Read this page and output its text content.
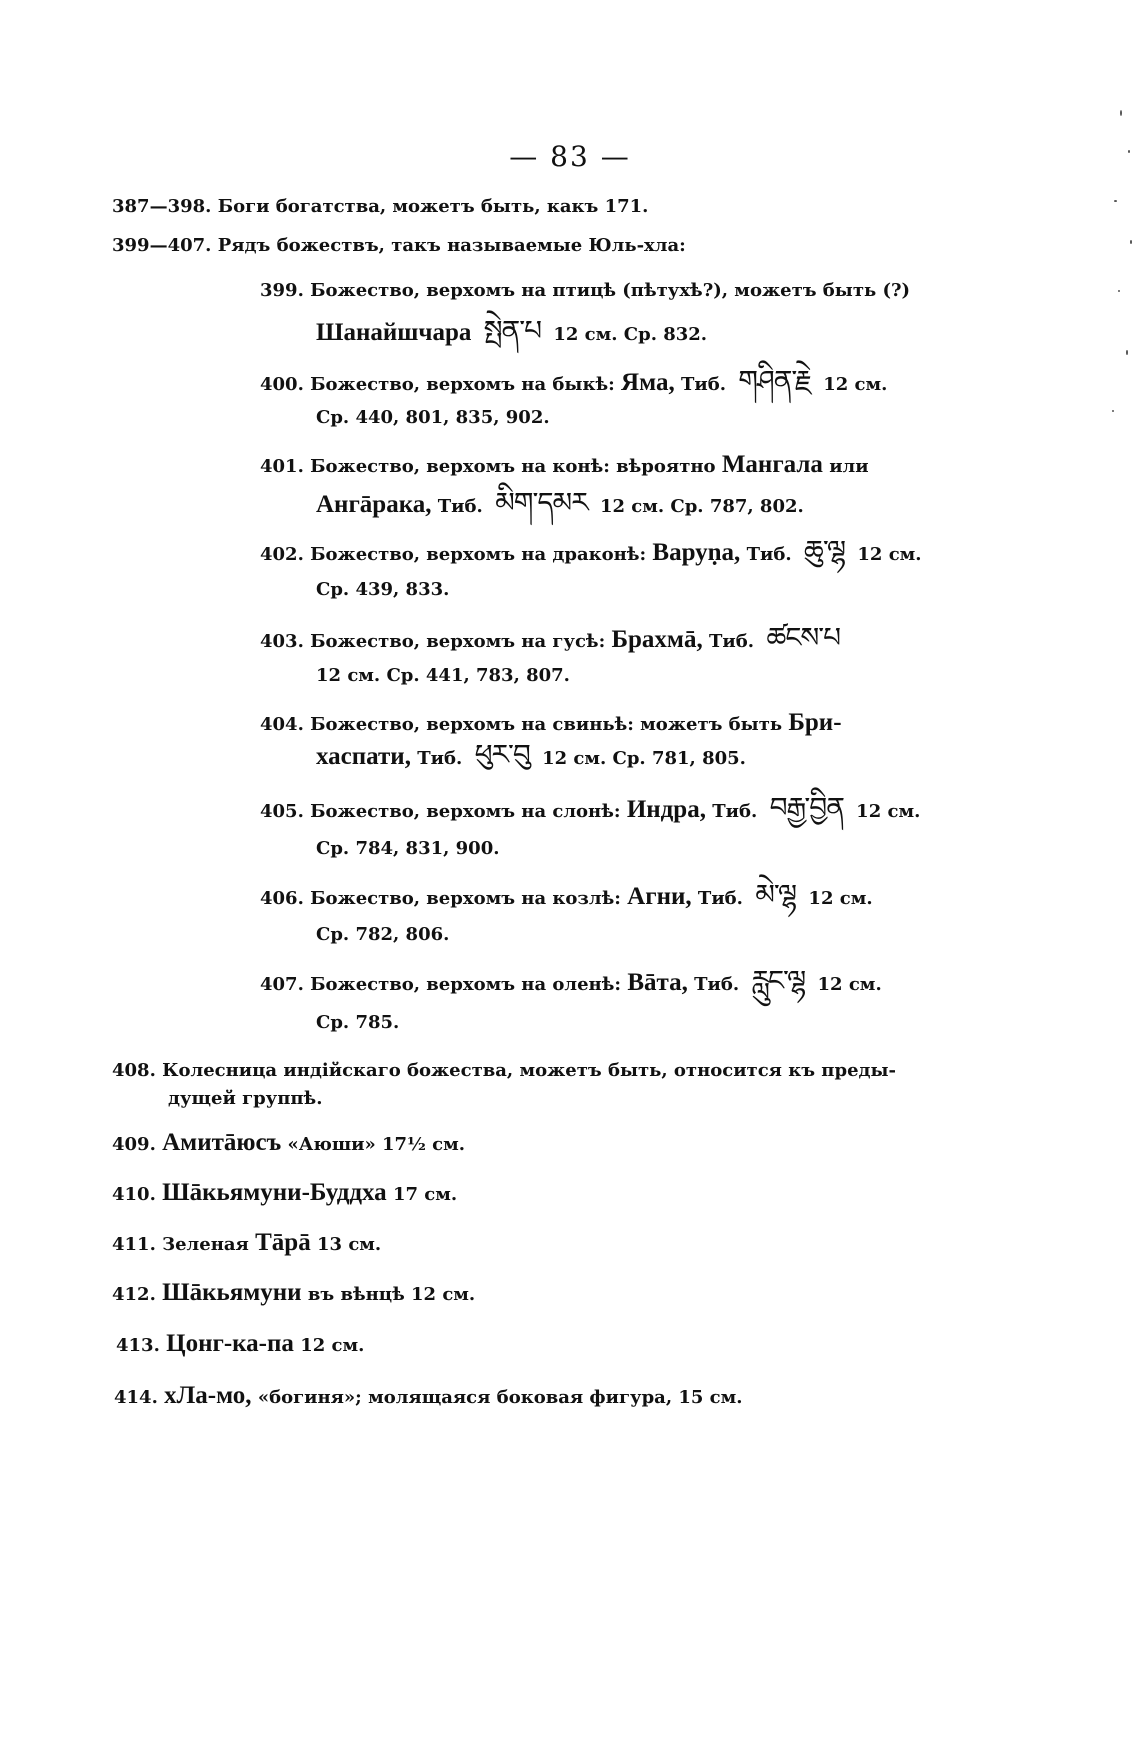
— 83 —
387—398. Боги богатства, можетъ быть, какъ 171.
399—407. Рядъ божествъ, такъ называемые Юль-хла:
399. Божество, верхомъ на птицѣ (пѣтухѣ?), можетъ быть (?)
Шанайшчара སྤེན་པ 12 см. Ср. 832.
400. Божество, верхомъ на быкѣ: Яма, Тиб. གཤིན་རྗེ 12 см.
Ср. 440, 801, 835, 902.
401. Божество, верхомъ на конѣ: вѣроятно Мангала или
Ангāрака, Тиб. མིག་དམར 12 см. Ср. 787, 802.
402. Божество, верхомъ на драконѣ: Варуṇа, Тиб. ཆུ་ལྷ 12 см.
Ср. 439, 833.
403. Божество, верхомъ на гусѣ: Брахмā, Тиб. ཚངས་པ
12 см. Ср. 441, 783, 807.
404. Божество, верхомъ на свиньѣ: можетъ быть Бри-
хаспати, Тиб. ཕུར་བུ 12 см. Ср. 781, 805.
405. Божество, верхомъ на слонѣ: Индра, Тиб. བརྒྱ་བྱིན 12 см.
Ср. 784, 831, 900.
406. Божество, верхомъ на козлѣ: Агни, Тиб. མེ་ལྷ 12 см.
Ср. 782, 806.
407. Божество, верхомъ на оленѣ: Вāта, Тиб. རླུང་ལྷ 12 см.
Ср. 785.
408. Колесница индійскаго божества, можетъ быть, относится къ преды-
дущей группѣ.
409. Амитāюсъ «Аюши» 17½ см.
410. Шāкьямуни-Буддха 17 см.
411. Зеленая Тāрā 13 см.
412. Шāкьямуни въ вѣнцѣ 12 см.
413. Цонг-ка-па 12 см.
414. хЛа-мо, «богиня»; молящаяся боковая фигура, 15 см.
